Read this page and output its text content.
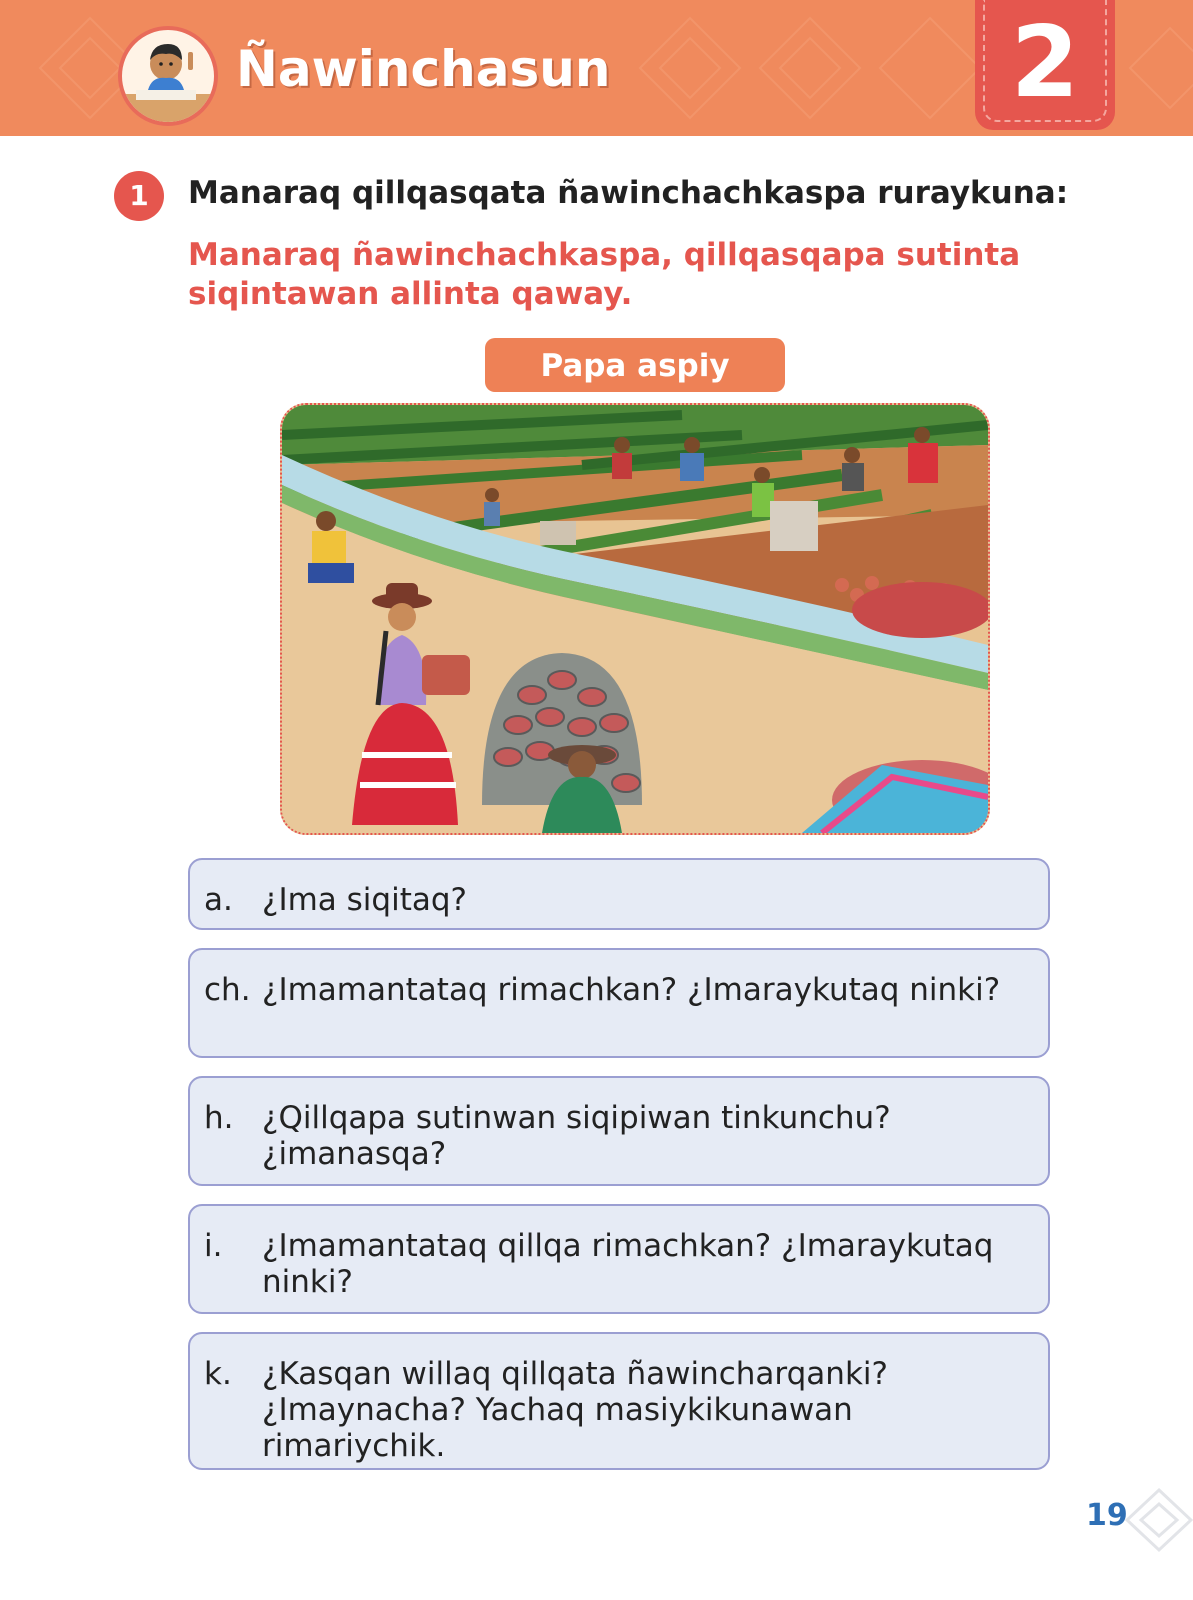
Ñawinchasun	2
1	Manaraq qillqasqata ñawinchachkaspa ruraykuna:
Manaraq ñawinchachkaspa, qillqasqapa sutinta siqintawan allinta qaway.
Papa aspiy
a. ¿Ima siqitaq?
ch. ¿Imamantataq rimachkan? ¿Imaraykutaq ninki?
h. ¿Qillqapa sutinwan siqipiwan tinkunchu? ¿imanasqa?
i. ¿Imamantataq qillqa rimachkan? ¿Imaraykutaq ninki?
k. ¿Kasqan willaq qillqata ñawincharqanki? ¿Imaynacha? Yachaq masiykikunawan rimariychik.
19
